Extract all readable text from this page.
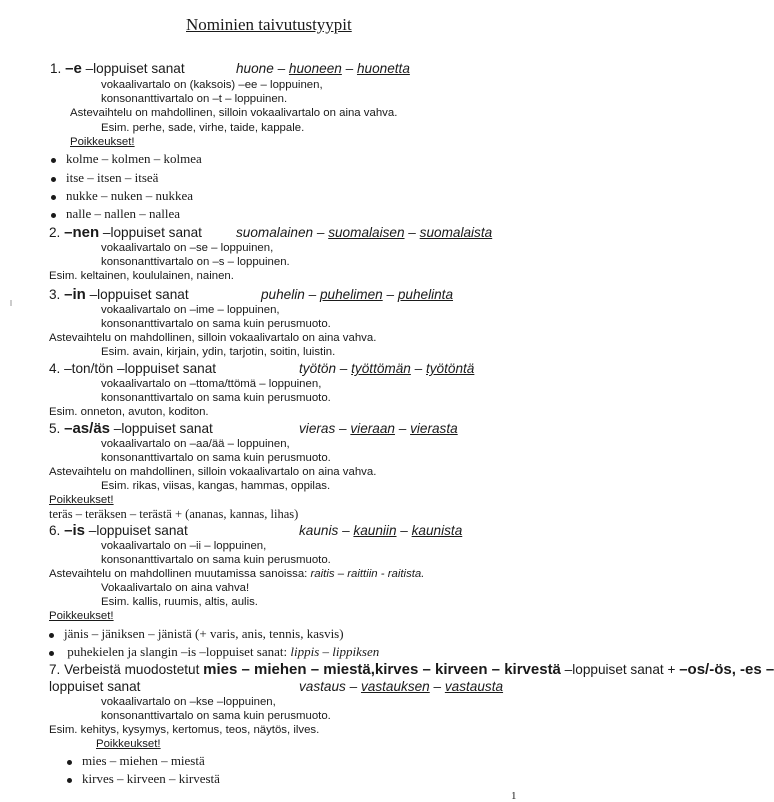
Nominien taivutustyypit
1. –e –loppuiset sanat	huone – huoneen – huonetta
vokaalivartalo on (kaksois) –ee – loppuinen,
konsonanttivartalo on –t – loppuinen.
Astevaihtelu on mahdollinen, silloin vokaalivartalo on aina vahva.
Esim. perhe, sade, virhe, taide, kappale.
Poikkeukset!
kolme – kolmen – kolmea
itse – itsen – itseä
nukke – nuken – nukkea
nalle – nallen – nallea
2. –nen –loppuiset sanat	suomalainen – suomalaisen – suomalaista
vokaalivartalo on –se – loppuinen,
konsonanttivartalo on –s – loppuinen.
Esim. keltainen, koululainen, nainen.
3. –in –loppuiset sanat	puhelin – puhelimen – puhelinta
vokaalivartalo on –ime – loppuinen,
konsonanttivartalo on sama kuin perusmuoto.
Astevaihtelu on mahdollinen, silloin vokaalivartalo on aina vahva.
Esim. avain, kirjain, ydin, tarjotin, soitin, luistin.
4. –ton/tön –loppuiset sanat	työtön – työttömän – työtöntä
vokaalivartalo on –ttoma/ttömä – loppuinen,
konsonanttivartalo on sama kuin perusmuoto.
Esim. onneton, avuton, koditon.
5. –as/äs –loppuiset sanat	vieras – vieraan – vierasta
vokaalivartalo on –aa/ää – loppuinen,
konsonanttivartalo on sama kuin perusmuoto.
Astevaihtelu on mahdollinen, silloin vokaalivartalo on aina vahva.
Esim. rikas, viisas, kangas, hammas, oppilas.
Poikkeukset!
teräs – teräksen – terästä + (ananas, kannas, lihas)
6. –is –loppuiset sanat	kaunis – kauniin – kaunista
vokaalivartalo on –ii – loppuinen,
konsonanttivartalo on sama kuin perusmuoto.
Astevaihtelu on mahdollinen muutamissa sanoissa: raitis – raittiin - raitista.
Vokaalivartalo on aina vahva!
Esim. kallis, ruumis, altis, aulis.
Poikkeukset!
jänis – jäniksen – jänistä (+ varis, anis, tennis, kasvis)
puhekielen ja slangin –is –loppuiset sanat: lippis – lippiksen
7. Verbeistä muodostetut mies – miehen – miestä,kirves – kirveen – kirvestä –loppuiset sanat + –os/-ös, -es –
loppuiset sanat	vastaus – vastauksen – vastausta
vokaalivartalo on –kse –loppuinen,
konsonanttivartalo on sama kuin perusmuoto.
Esim. kehitys, kysymys, kertomus, teos, näytös, ilves.
Poikkeukset!
mies – miehen – miestä
kirves – kirveen – kirvestä
1
